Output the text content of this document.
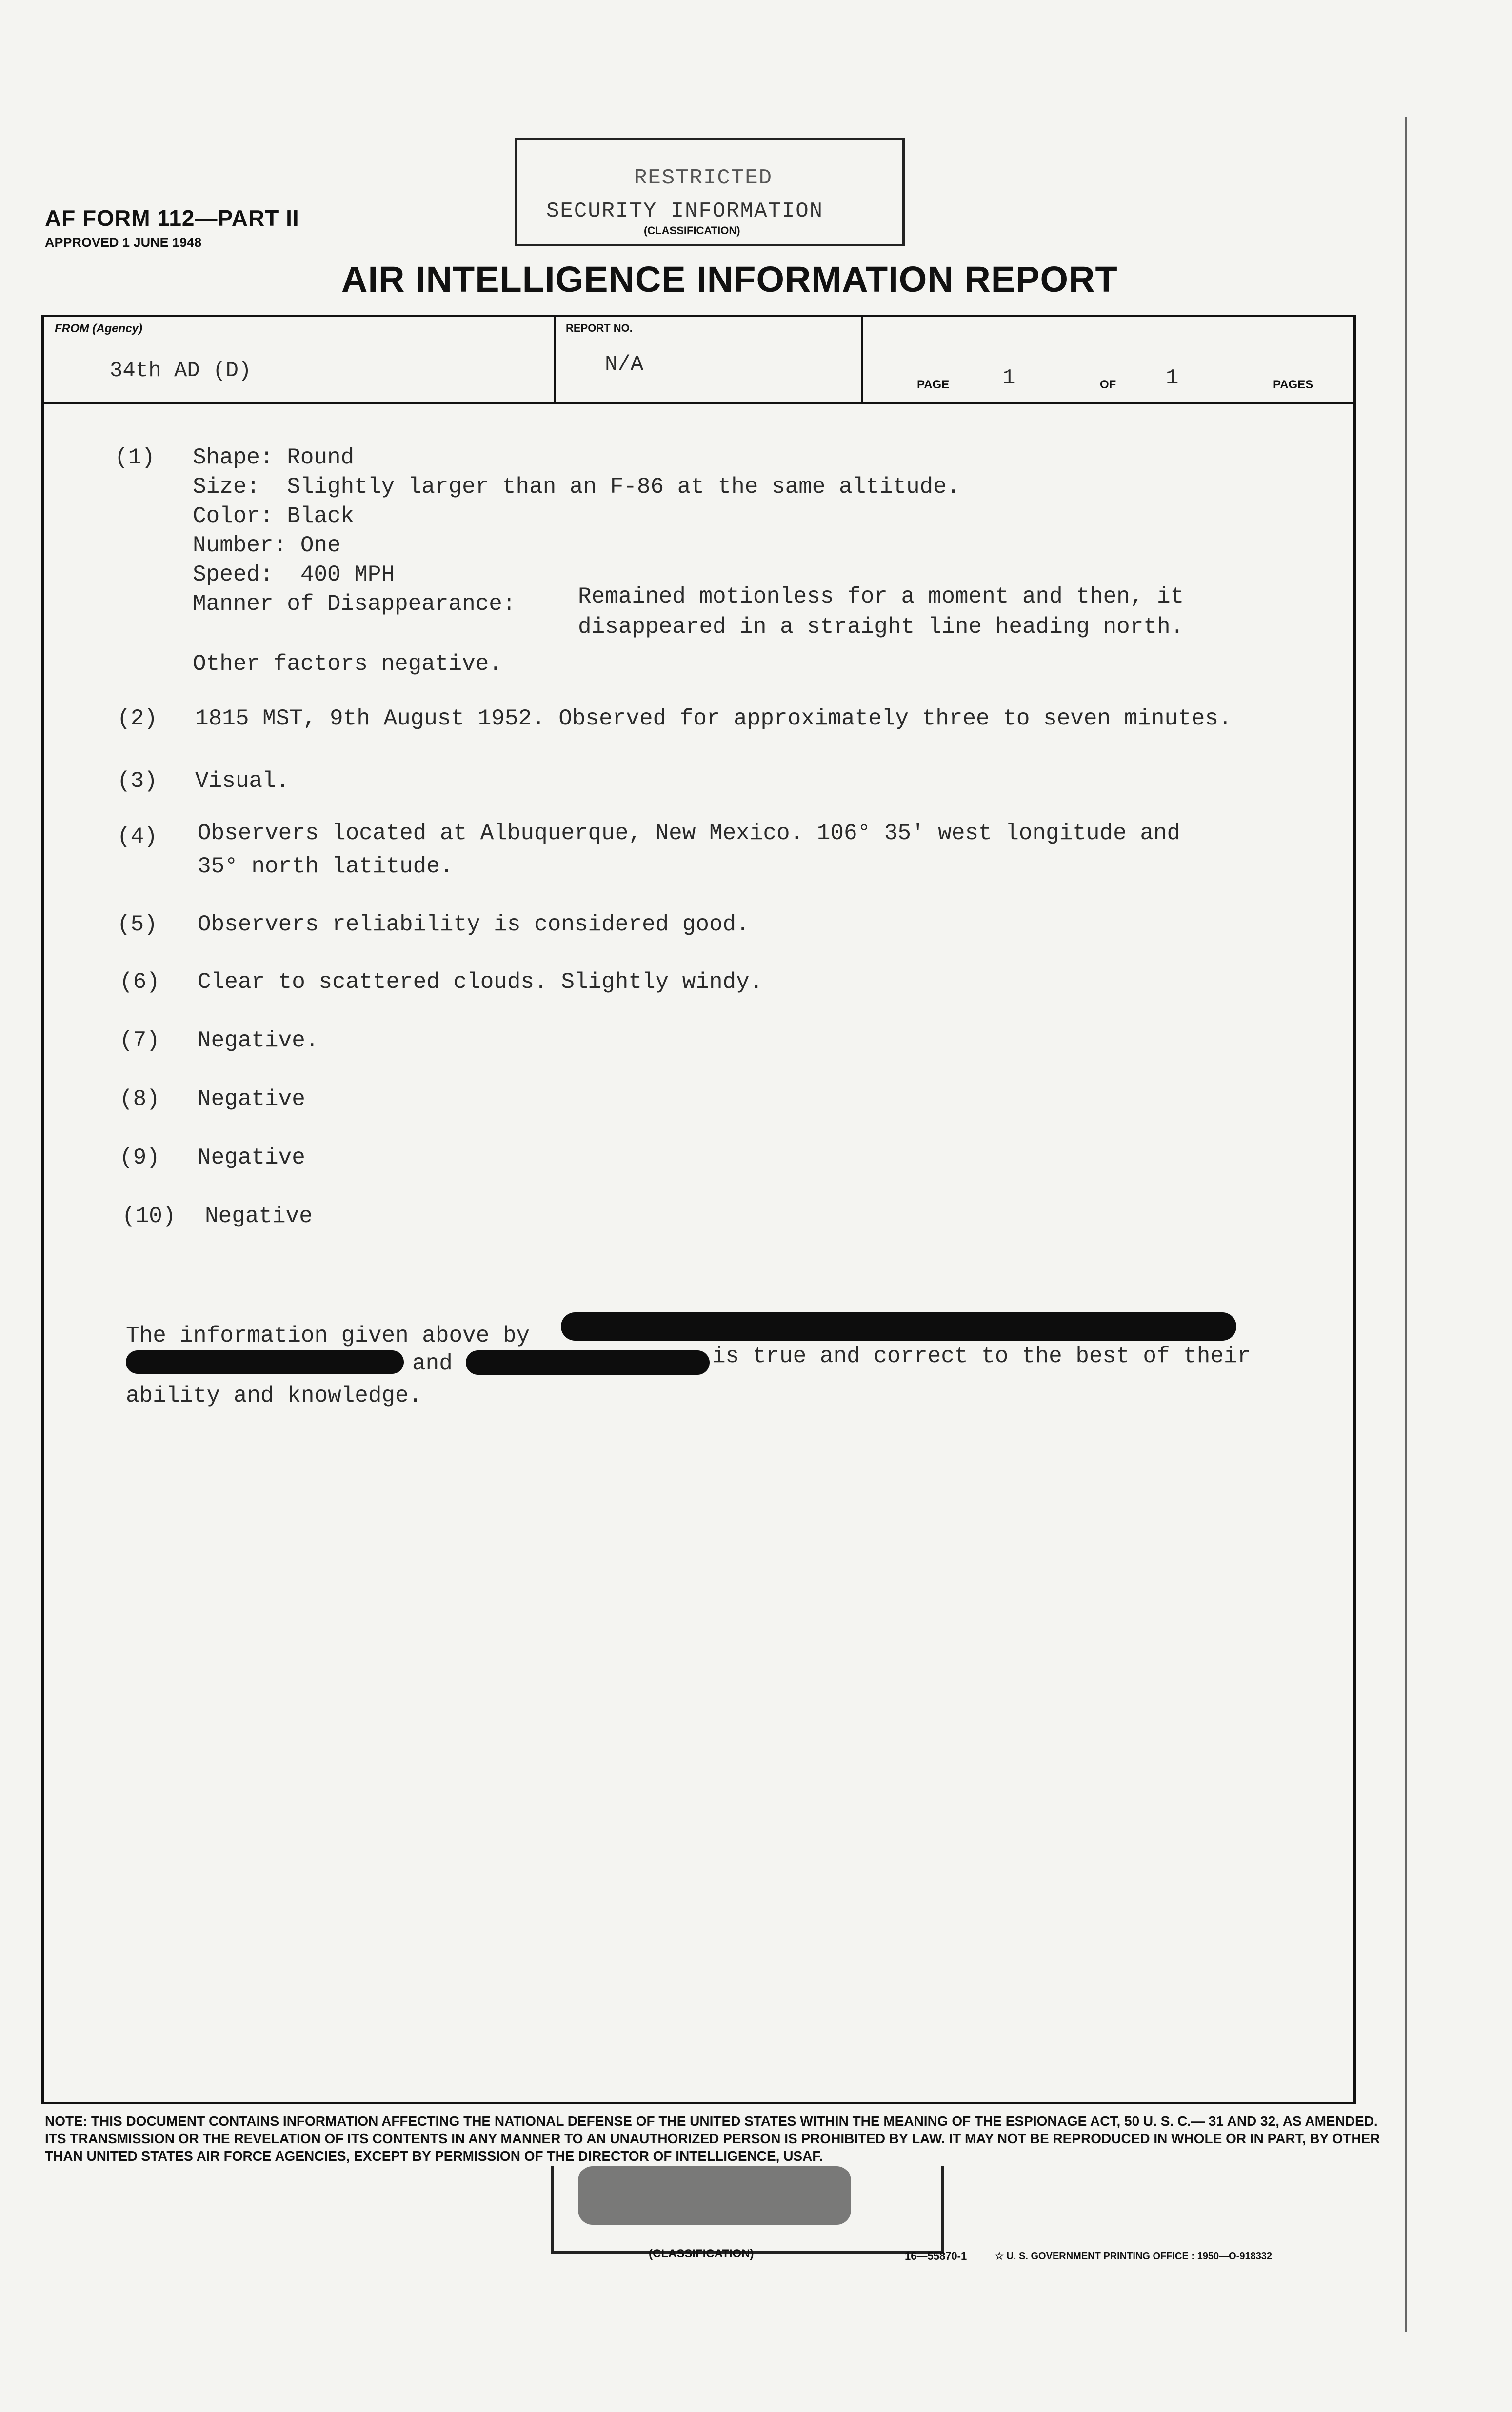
AF FORM 112—PART II
APPROVED 1 JUNE 1948
RESTRICTED
SECURITY INFORMATION
(CLASSIFICATION)
AIR INTELLIGENCE INFORMATION REPORT
FROM (Agency)
34th AD (D)
REPORT NO.
N/A
PAGE 1	OF 1	PAGES
(1) Shape: Round
Size:  Slightly larger than an F-86 at the same altitude.
Color: Black
Number: One
Speed:  400 MPH
Manner of Disappearance:	Remained motionless for a moment and then, it
disappeared in a straight line heading north.
Other factors negative.
(2) 1815 MST, 9th August 1952. Observed for approximately three to seven minutes.
(3) Visual.
(4) Observers located at Albuquerque, New Mexico. 106° 35' west longitude and
35° north latitude.
(5) Observers reliability is considered good.
(6) Clear to scattered clouds. Slightly windy.
(7) Negative.
(8) Negative
(9) Negative
(10) Negative
The information given above by
and	is true and correct to the best of their
ability and knowledge.
NOTE: THIS DOCUMENT CONTAINS INFORMATION AFFECTING THE NATIONAL DEFENSE OF THE UNITED STATES WITHIN THE MEANING OF THE ESPIONAGE ACT, 50 U. S. C.— 31 AND 32, AS AMENDED. ITS TRANSMISSION OR THE REVELATION OF ITS CONTENTS IN ANY MANNER TO AN UNAUTHORIZED PERSON IS PROHIBITED BY LAW. IT MAY NOT BE REPRODUCED IN WHOLE OR IN PART, BY OTHER THAN UNITED STATES AIR FORCE AGENCIES, EXCEPT BY PERMISSION OF THE DIRECTOR OF INTELLIGENCE, USAF.
(CLASSIFICATION)	16—55870-1	☆ U. S. GOVERNMENT PRINTING OFFICE : 1950—O-918332
